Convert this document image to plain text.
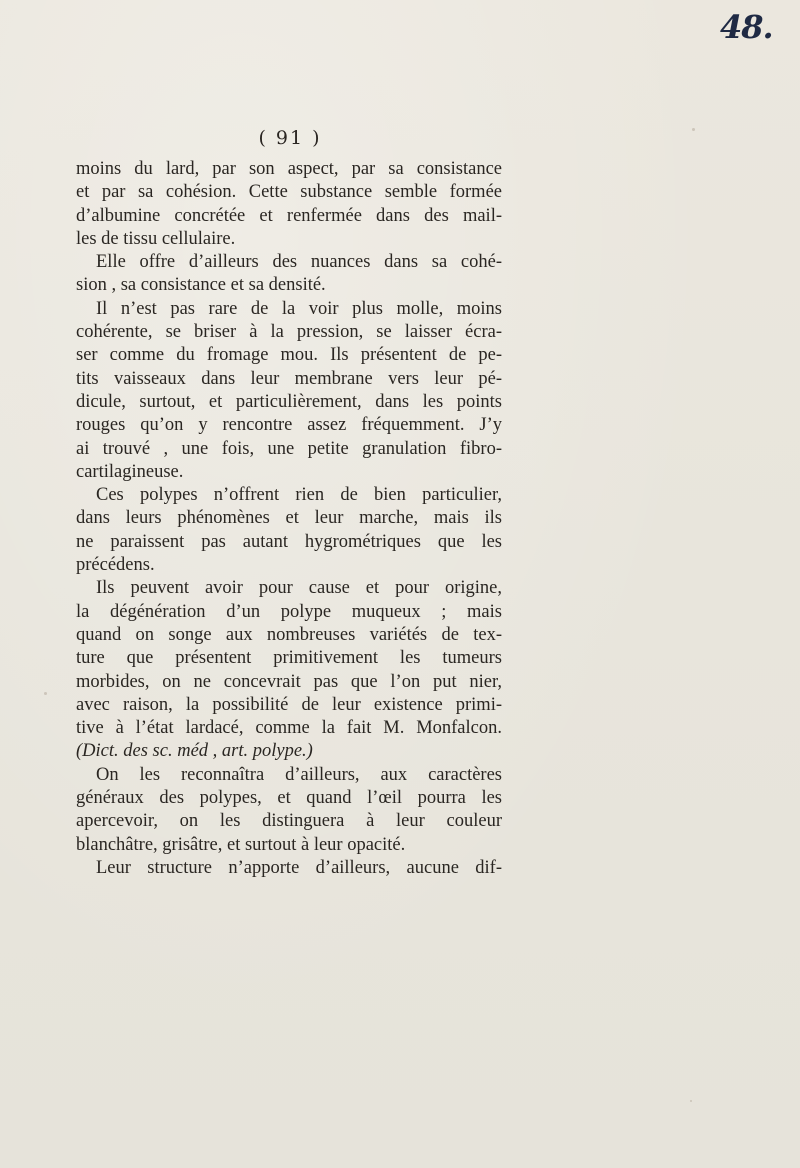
48.
( 91 )
moins du lard, par son aspect, par sa consistance
et par sa cohésion. Cette substance semble formée
d’albumine concrétée et renfermée dans des mail-
les de tissu cellulaire.
Elle offre d’ailleurs des nuances dans sa cohé-
sion , sa consistance et sa densité.
Il n’est pas rare de la voir plus molle, moins
cohérente, se briser à la pression, se laisser écra-
ser comme du fromage mou. Ils présentent de pe-
tits vaisseaux dans leur membrane vers leur pé-
dicule, surtout, et particulièrement, dans les points
rouges qu’on y rencontre assez fréquemment. J’y
ai trouvé , une fois, une petite granulation fibro-
cartilagineuse.
Ces polypes n’offrent rien de bien particulier,
dans leurs phénomènes et leur marche, mais ils
ne paraissent pas autant hygrométriques que les
précédens.
Ils peuvent avoir pour cause et pour origine,
la dégénération d’un polype muqueux ; mais
quand on songe aux nombreuses variétés de tex-
ture que présentent primitivement les tumeurs
morbides, on ne concevrait pas que l’on put nier,
avec raison, la possibilité de leur existence primi-
tive à l’état lardacé, comme la fait M. Monfalcon.
(Dict. des sc. méd , art. polype.)
On les reconnaîtra d’ailleurs, aux caractères
généraux des polypes, et quand l’œil pourra les
apercevoir, on les distinguera à leur couleur
blanchâtre, grisâtre, et surtout à leur opacité.
Leur structure n’apporte d’ailleurs, aucune dif-
